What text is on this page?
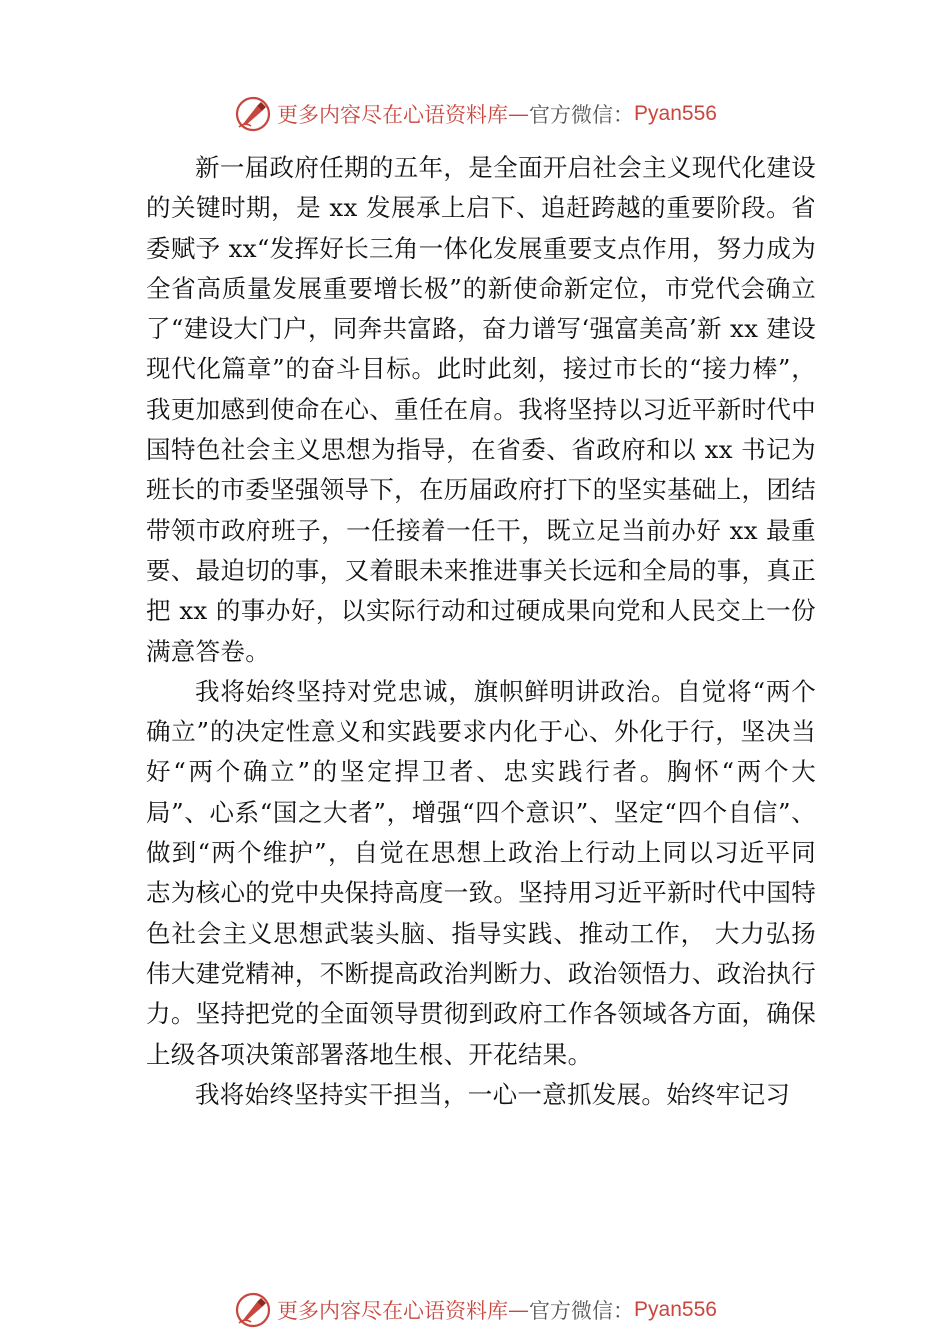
更多内容尽在心语资料库 — 官方微信： Pyan556

新一届政府任期的五年，是全面开启社会主义现代化建设的关键时期，是 xx 发展承上启下、追赶跨越的重要阶段。省委赋予 xx“发挥好长三角一体化发展重要支点作用，努力成为全省高质量发展重要增长极”的新使命新定位，市党代会确立了“建设大门户，同奔共富路，奋力谱写‘强富美高’新 xx 建设现代化篇章”的奋斗目标。此时此刻，接过市长的“接力棒”，我更加感到使命在心、重任在肩。我将坚持以习近平新时代中国特色社会主义思想为指导，在省委、省政府和以 xx 书记为班长的市委坚强领导下，在历届政府打下的坚实基础上，团结带领市政府班子，一任接着一任干，既立足当前办好 xx 最重要、最迫切的事，又着眼未来推进事关长远和全局的事，真正把 xx 的事办好，以实际行动和过硬成果向党和人民交上一份满意答卷。

我将始终坚持对党忠诚，旗帜鲜明讲政治。自觉将“两个确立”的决定性意义和实践要求内化于心、外化于行，坚决当好“两个确立”的坚定捍卫者、忠实践行者。胸怀“两个大局”、心系“国之大者”，增强“四个意识”、坚定“四个自信”、做到“两个维护”，自觉在思想上政治上行动上同以习近平同志为核心的党中央保持高度一致。坚持用习近平新时代中国特色社会主义思想武装头脑、指导实践、推动工作， 大力弘扬伟大建党精神，不断提高政治判断力、政治领悟力、政治执行力。坚持把党的全面领导贯彻到政府工作各领域各方面，确保上级各项决策部署落地生根、开花结果。

我将始终坚持实干担当，一心一意抓发展。始终牢记习

更多内容尽在心语资料库 — 官方微信： Pyan556
